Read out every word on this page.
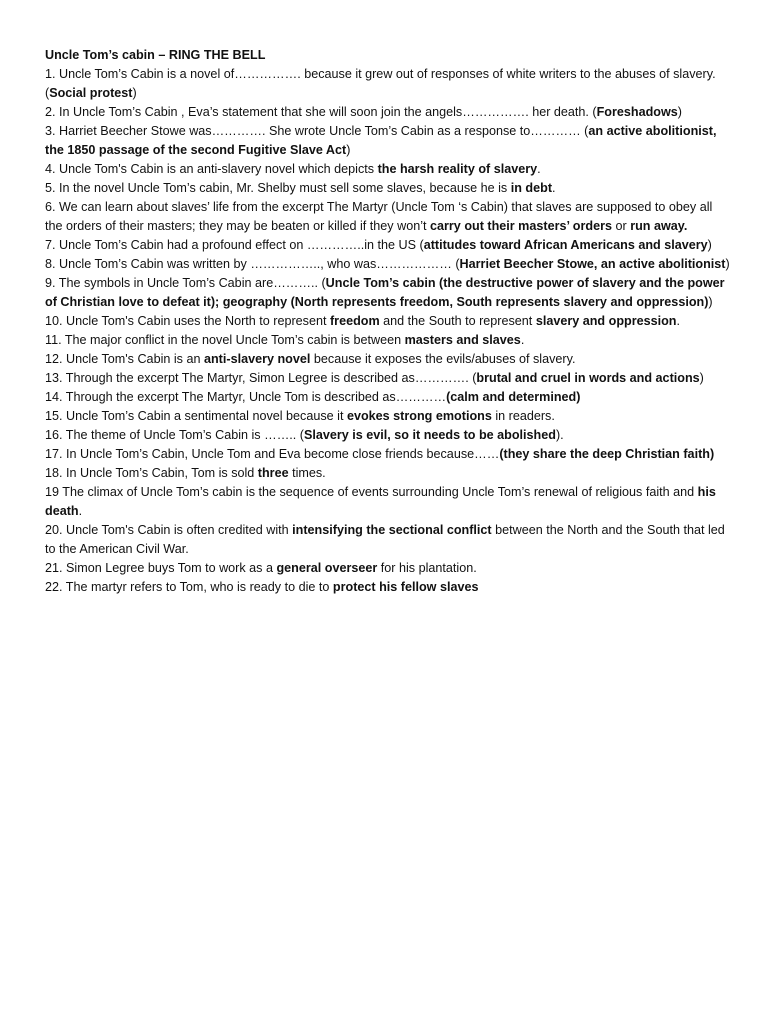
Uncle Tom’s cabin – RING THE BELL

1. Uncle Tom’s Cabin is a novel of……………. because it grew out of responses of white writers to the abuses of slavery. (Social protest)
2. In Uncle Tom’s Cabin , Eva’s statement that she will soon join the angels……………. her death. (Foreshadows)
3. Harriet Beecher Stowe was…………. She wrote Uncle Tom’s Cabin as a response to………… (an active abolitionist, the 1850 passage of the second Fugitive Slave Act)
4. Uncle Tom's Cabin is an anti-slavery novel which depicts the harsh reality of slavery.
5. In the novel Uncle Tom’s cabin, Mr. Shelby must sell some slaves, because he is in debt.
6. We can learn about slaves’ life from the excerpt The Martyr (Uncle Tom ‘s Cabin) that slaves are supposed to obey all the orders of their masters; they may be beaten or killed if they won’t carry out their masters’ orders or run away.
7. Uncle Tom’s Cabin had a profound effect on …………..in the US (attitudes toward African Americans and slavery)
8. Uncle Tom’s Cabin was written by …………….., who was……………… (Harriet Beecher Stowe, an active abolitionist)
9. The symbols in Uncle Tom’s Cabin are……….. (Uncle Tom’s cabin (the destructive power of slavery and the power of Christian love to defeat it); geography (North represents freedom, South represents slavery and oppression))
10. Uncle Tom's Cabin uses the North to represent freedom and the South to represent slavery and oppression.
11. The major conflict in the novel Uncle Tom’s cabin is between masters and slaves.
12. Uncle Tom's Cabin is an anti-slavery novel because it exposes the evils/abuses of slavery.
13. Through the excerpt The Martyr, Simon Legree is described as…………. (brutal and cruel in words and actions)
14. Through the excerpt The Martyr, Uncle Tom is described as…………(calm and determined)
15. Uncle Tom’s Cabin a sentimental novel because it evokes strong emotions in readers.
16. The theme of Uncle Tom’s Cabin is …….. (Slavery is evil, so it needs to be abolished).
17. In Uncle Tom’s Cabin, Uncle Tom and Eva become close friends because……(they share the deep Christian faith)
18. In Uncle Tom’s Cabin, Tom is sold three times.
19 The climax of Uncle Tom’s cabin is the sequence of events surrounding Uncle Tom’s renewal of religious faith and his death.
20. Uncle Tom's Cabin is often credited with intensifying the sectional conflict between the North and the South that led to the American Civil War.
21. Simon Legree buys Tom to work as a general overseer for his plantation.
22. The martyr refers to Tom, who is ready to die to protect his fellow slaves
